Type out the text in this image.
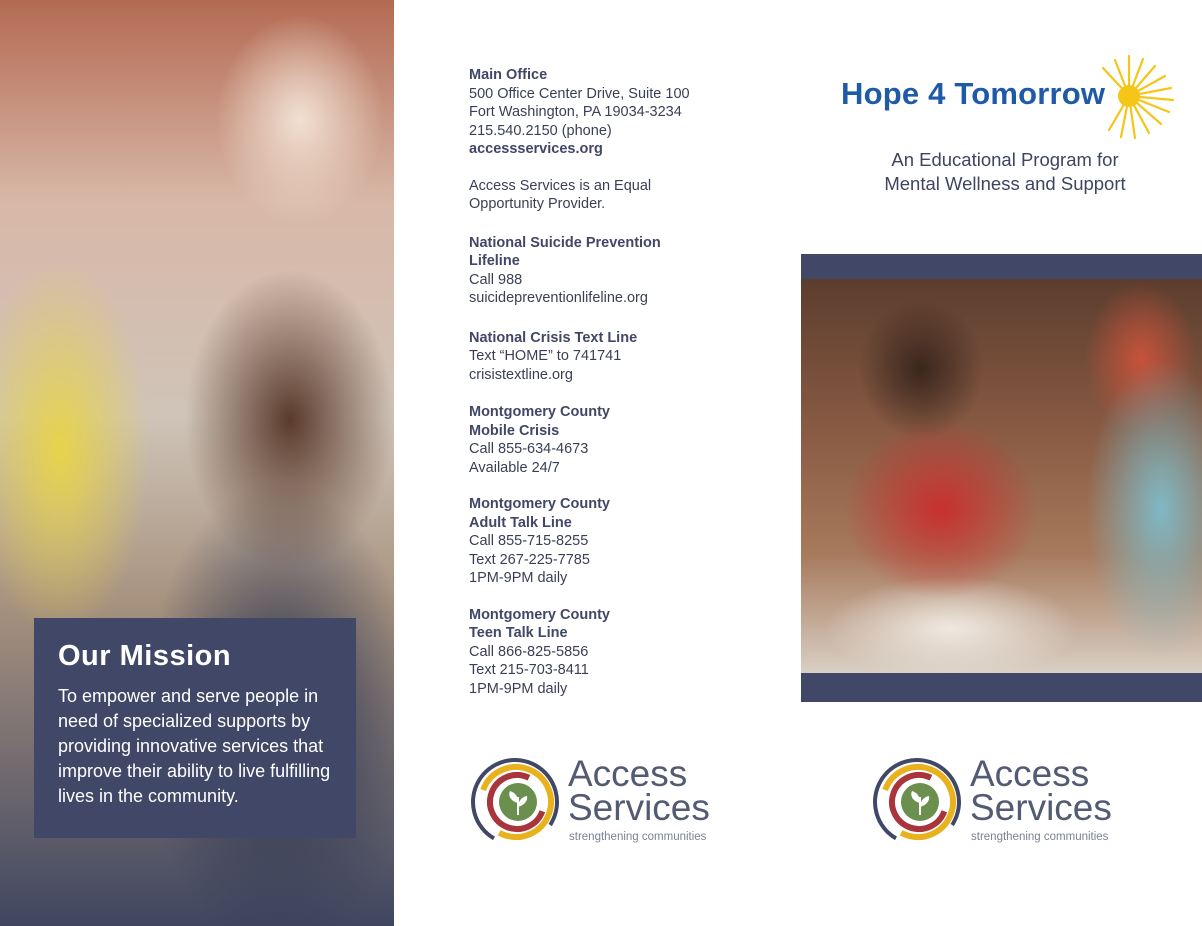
Our Mission
To empower and serve people in need of specialized supports by providing innovative services that improve their ability to live fulfilling lives in the community.
Main Office
500 Office Center Drive, Suite 100
Fort Washington, PA 19034-3234
215.540.2150 (phone)
accessservices.org
Access Services is an Equal
Opportunity Provider.
National Suicide Prevention
Lifeline
Call 988
suicidepreventionlifeline.org
National Crisis Text Line
Text “HOME” to 741741
crisistextline.org
Montgomery County
Mobile Crisis
Call 855-634-4673
Available 24/7
Montgomery County
Adult Talk Line
Call 855-715-8255
Text 267-225-7785
1PM-9PM daily
Montgomery County
Teen Talk Line
Call 866-825-5856
Text 215-703-8411
1PM-9PM daily
Access
Services
strengthening communities
Hope 4 Tomorrow
An Educational Program for
Mental Wellness and Support
Access
Services
strengthening communities
